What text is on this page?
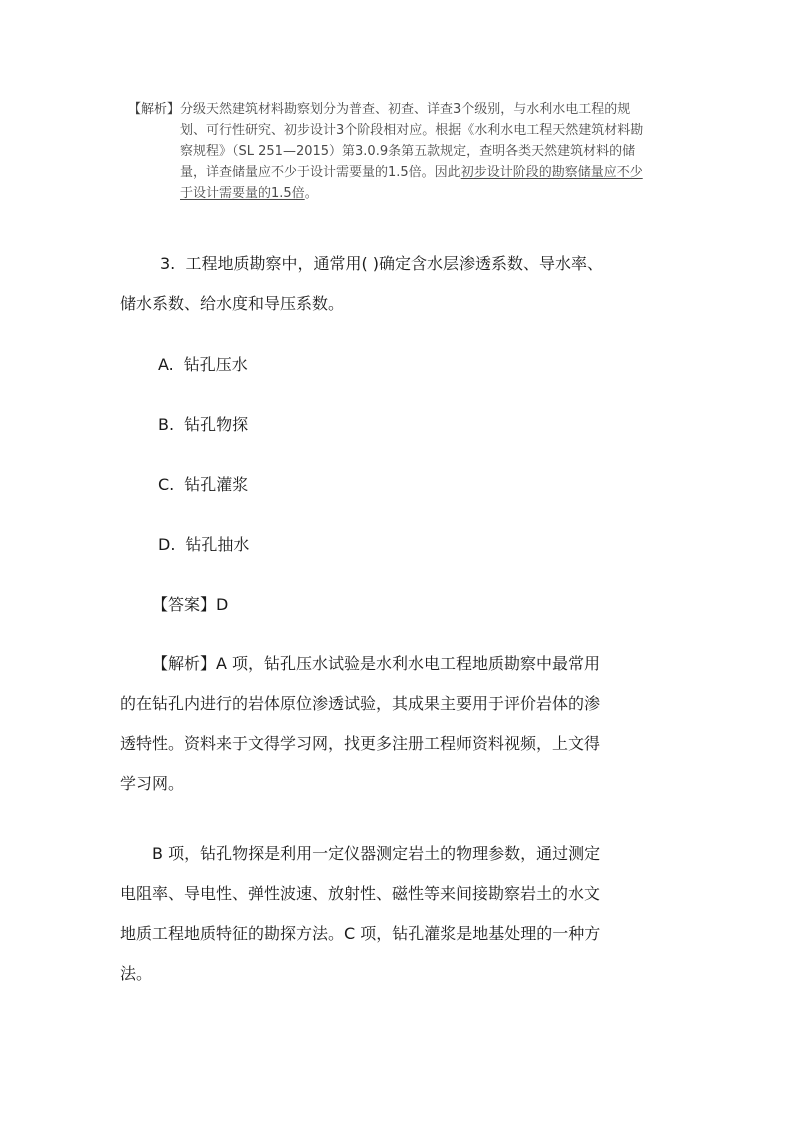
【解析】分级天然建筑材料勘察划分为普查、初查、详查3个级别，与水利水电工程的规
划、可行性研究、初步设计3个阶段相对应。根据《水利水电工程天然建筑材料勘
察规程》（SL 251—2015）第3.0.9条第五款规定，查明各类天然建筑材料的储
量，详查储量应不少于设计需要量的1.5倍。因此初步设计阶段的勘察储量应不少
于设计需要量的1.5倍。
3. 工程地质勘察中，通常用( )确定含水层渗透系数、导水率、
储水系数、给水度和导压系数。
A. 钻孔压水
B. 钻孔物探
C. 钻孔灌浆
D. 钻孔抽水
【答案】D
【解析】A 项，钻孔压水试验是水利水电工程地质勘察中最常用
的在钻孔内进行的岩体原位渗透试验，其成果主要用于评价岩体的渗
透特性。资料来于文得学习网，找更多注册工程师资料视频，上文得
学习网。
B 项，钻孔物探是利用一定仪器测定岩土的物理参数，通过测定
电阻率、导电性、弹性波速、放射性、磁性等来间接勘察岩土的水文
地质工程地质特征的勘探方法。C 项，钻孔灌浆是地基处理的一种方
法。
